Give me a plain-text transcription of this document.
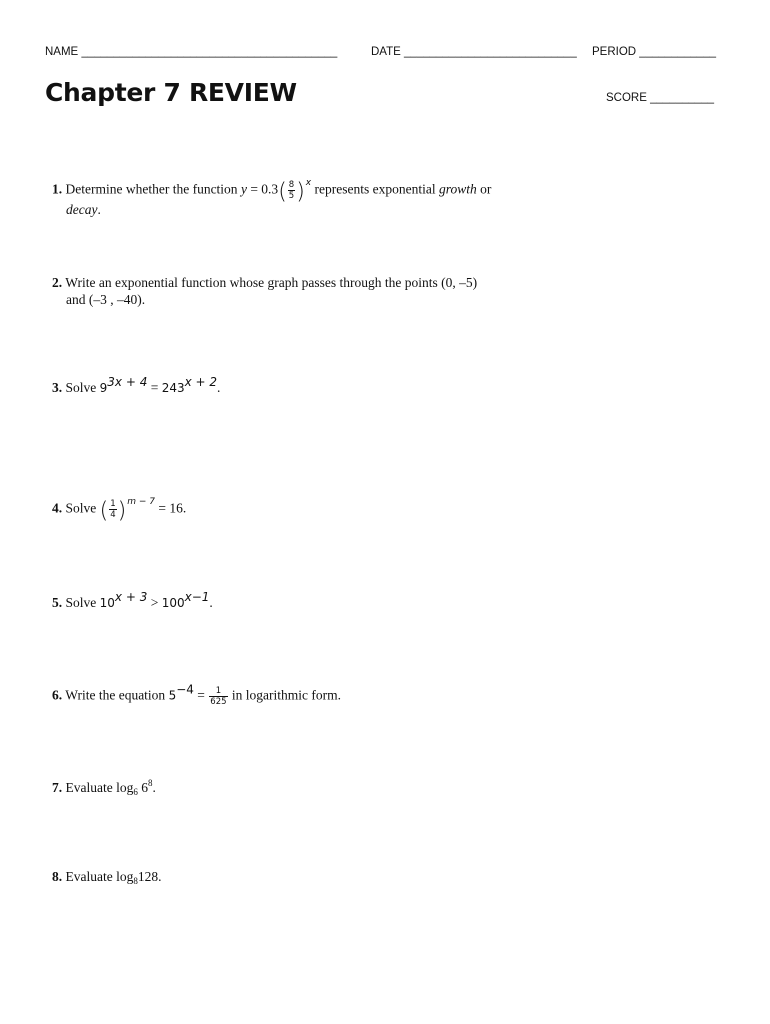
NAME ________________________________________	DATE ___________________________ PERIOD ____________
Chapter 7 REVIEW	SCORE __________
1. Determine whether the function $y = 0.3( \frac{8}{5} )^x$ represents exponential growth or
decay.
2. Write an exponential function whose graph passes through the points (0, –5)
and (–3 , –40).
3. Solve $9^{3x + 4} = 243^{x + 2}$.
4. Solve ( $\frac{1}{4} )^{m - 7} = 16$.
5. Solve $10^{x + 3} > 100^{x-1}$.
6. Write the equation $5^{-4} = \frac{1}{625}$ in logarithmic form.
7. Evaluate $\log_6 6^8$.
8. Evaluate $\log_8128$.
